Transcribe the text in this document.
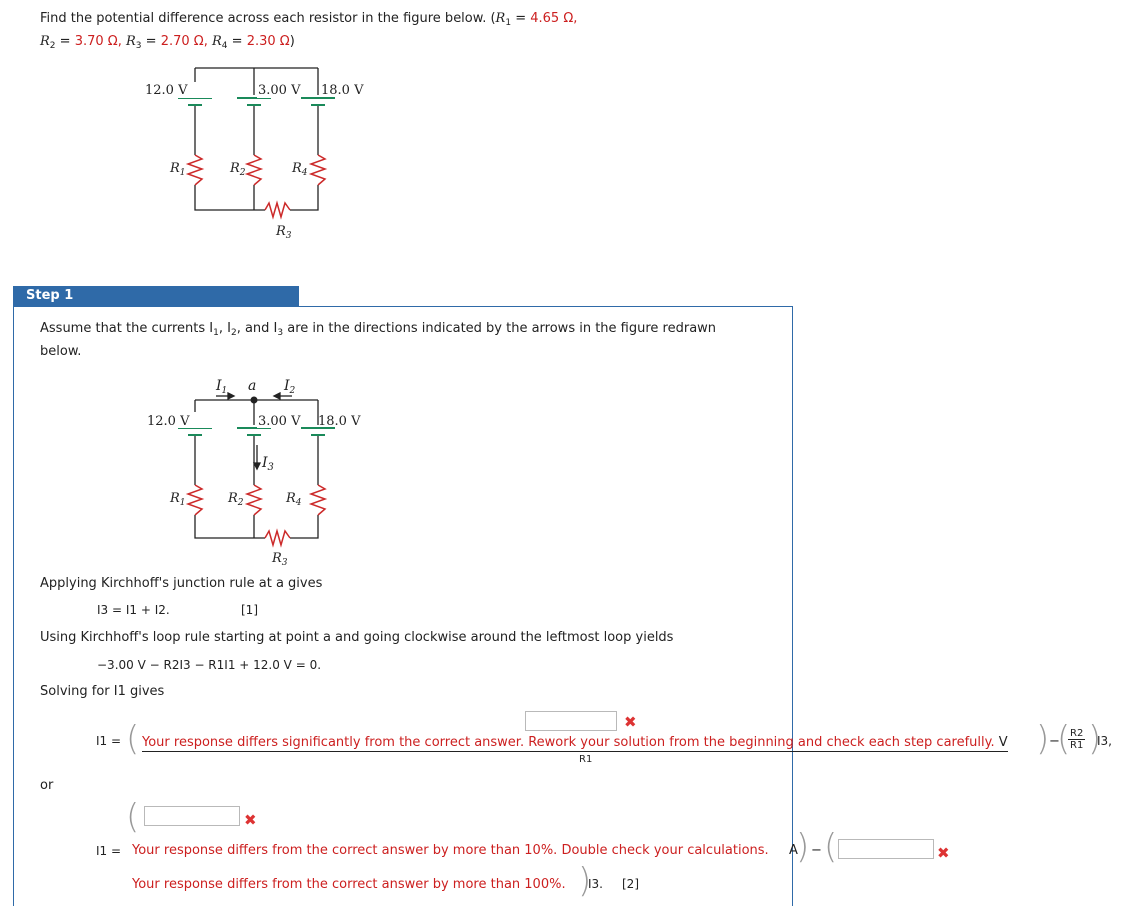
Find the potential difference across each resistor in the figure below. ($R_1 = 4.65$ Ω,
$R_2 = 3.70$ Ω, $R_3 = 2.70$ Ω, $R_4 = 2.30$ Ω)
12.0 V	3.00 V 18.0 V
$R_1$	$R_2$	$R_4$
$R_3$
Step 1
Assume that the currents $I_1$, $I_2$, and $I_3$ are in the directions indicated by the arrows in the figure redrawn
below.
12.0 V	3.00 V 18.0 V
$I_1$ a $I_2$
$I_3$
$R_1$	$R_2$	$R_4$
$R_3$
Applying Kirchhoff's junction rule at a gives
I3 = I1 + I2.	[1]
Using Kirchhoff's loop rule starting at point a and going clockwise around the leftmost loop yields
−3.00 V − R2I3 − R1I1 + 12.0 V = 0.
Solving for I1 gives
I1 = (	✖
Your response differs significantly from the correct answer. Rework your solution from the beginning and check each step carefully. V
R1
) −
(
$\frac{R2}{R1}$ )
I3,
or
(	✖
I1 = Your response differs from the correct answer by more than 10%. Double check your calculations. A
) − (	✖
Your response differs from the correct answer by more than 100%. )
I3. [2]
